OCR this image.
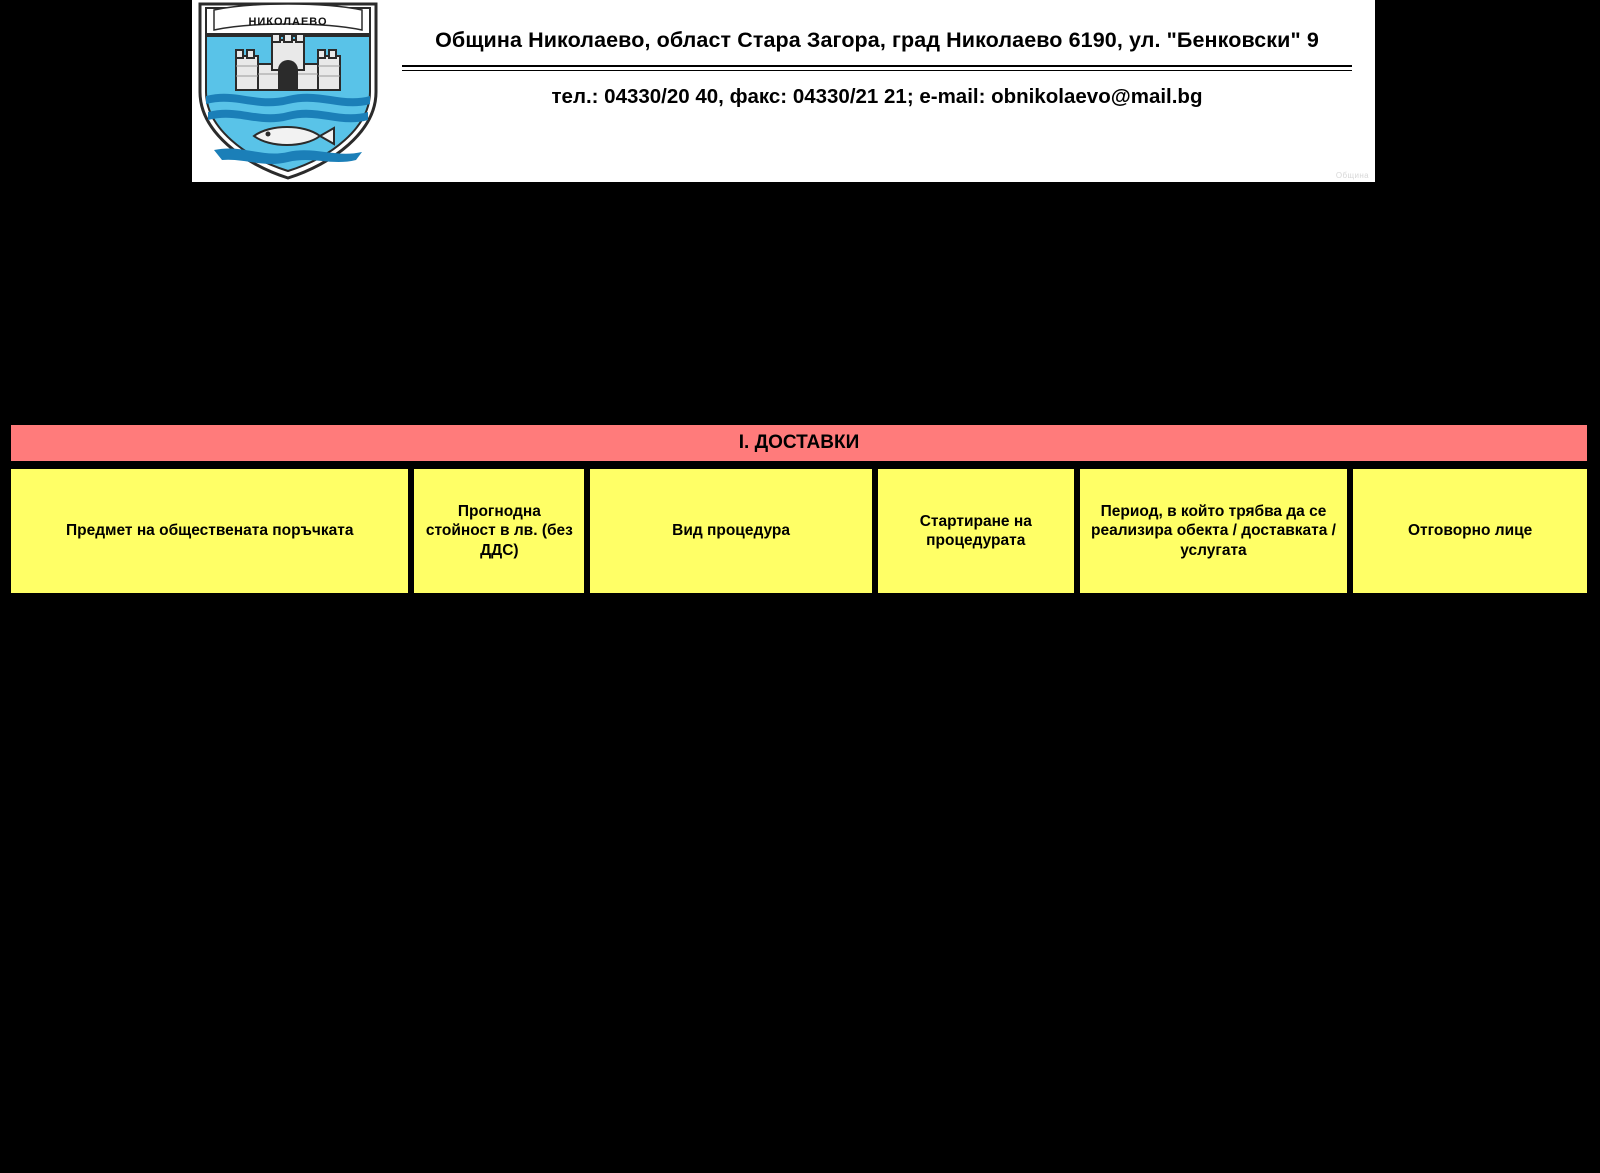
НИКОЛАЕВО
Община Николаево, област Стара Загора, град Николаево 6190, ул. "Бенковски" 9
тел.: 04330/20 40, факс: 04330/21 21; e-mail: obnikolaevo@mail.bg
Община
I. ДОСТАВКИ
Предмет на обществената поръчката
Прогнодна стойност в лв. (без ДДС)
Вид процедура
Стартиране на процедурата
Период, в който трябва да се реализира обекта / доставката / услугата
Отговорно лице
